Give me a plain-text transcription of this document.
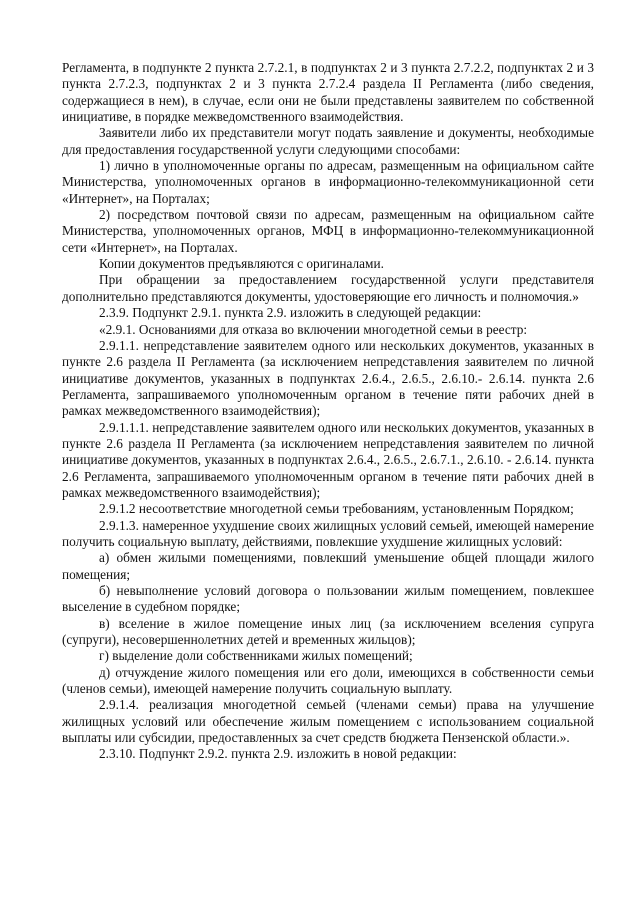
Регламента, в подпункте 2 пункта 2.7.2.1, в подпунктах 2 и 3 пункта 2.7.2.2, подпунктах 2 и 3 пункта 2.7.2.3, подпунктах 2 и 3 пункта 2.7.2.4 раздела II Регламента (либо сведения, содержащиеся в нем), в случае, если они не были представлены заявителем по собственной инициативе, в порядке межведомственного взаимодействия.

Заявители либо их представители могут подать заявление и документы, необходимые для предоставления государственной услуги следующими способами:

1) лично в уполномоченные органы по адресам, размещенным на официальном сайте Министерства, уполномоченных органов в информационно-телекоммуникационной сети «Интернет», на Порталах;

2) посредством почтовой связи по адресам, размещенным на официальном сайте Министерства, уполномоченных органов, МФЦ в информационно-телекоммуникационной сети «Интернет», на Порталах.

Копии документов предъявляются с оригиналами.

При обращении за предоставлением государственной услуги представителя дополнительно представляются документы, удостоверяющие его личность и полномочия.»

2.3.9. Подпункт 2.9.1. пункта 2.9. изложить в следующей редакции:

«2.9.1. Основаниями для отказа во включении многодетной семьи в реестр:

2.9.1.1. непредставление заявителем одного или нескольких документов, указанных в пункте 2.6 раздела II Регламента (за исключением непредставления заявителем по личной инициативе документов, указанных в подпунктах 2.6.4., 2.6.5., 2.6.10.- 2.6.14. пункта 2.6 Регламента, запрашиваемого уполномоченным органом в течение пяти рабочих дней в рамках межведомственного взаимодействия);

2.9.1.1.1. непредставление заявителем одного или нескольких документов, указанных в пункте 2.6 раздела II Регламента (за исключением непредставления заявителем по личной инициативе документов, указанных в подпунктах 2.6.4., 2.6.5., 2.6.7.1., 2.6.10. - 2.6.14. пункта 2.6 Регламента, запрашиваемого уполномоченным органом в течение пяти рабочих дней в рамках межведомственного взаимодействия);

2.9.1.2 несоответствие многодетной семьи требованиям, установленным Порядком;

2.9.1.3. намеренное ухудшение своих жилищных условий семьей, имеющей намерение получить социальную выплату, действиями, повлекшие ухудшение жилищных условий:

а) обмен жилыми помещениями, повлекший уменьшение общей площади жилого помещения;

б) невыполнение условий договора о пользовании жилым помещением, повлекшее выселение в судебном порядке;

в) вселение в жилое помещение иных лиц (за исключением вселения супруга (супруги), несовершеннолетних детей и временных жильцов);

г) выделение доли собственниками жилых помещений;

д) отчуждение жилого помещения или его доли, имеющихся в собственности семьи (членов семьи), имеющей намерение получить социальную выплату.

2.9.1.4. реализация многодетной семьей (членами семьи) права на улучшение жилищных условий или обеспечение жилым помещением с использованием социальной выплаты или субсидии, предоставленных за счет средств бюджета Пензенской области.».

2.3.10. Подпункт 2.9.2. пункта 2.9. изложить в новой редакции:
